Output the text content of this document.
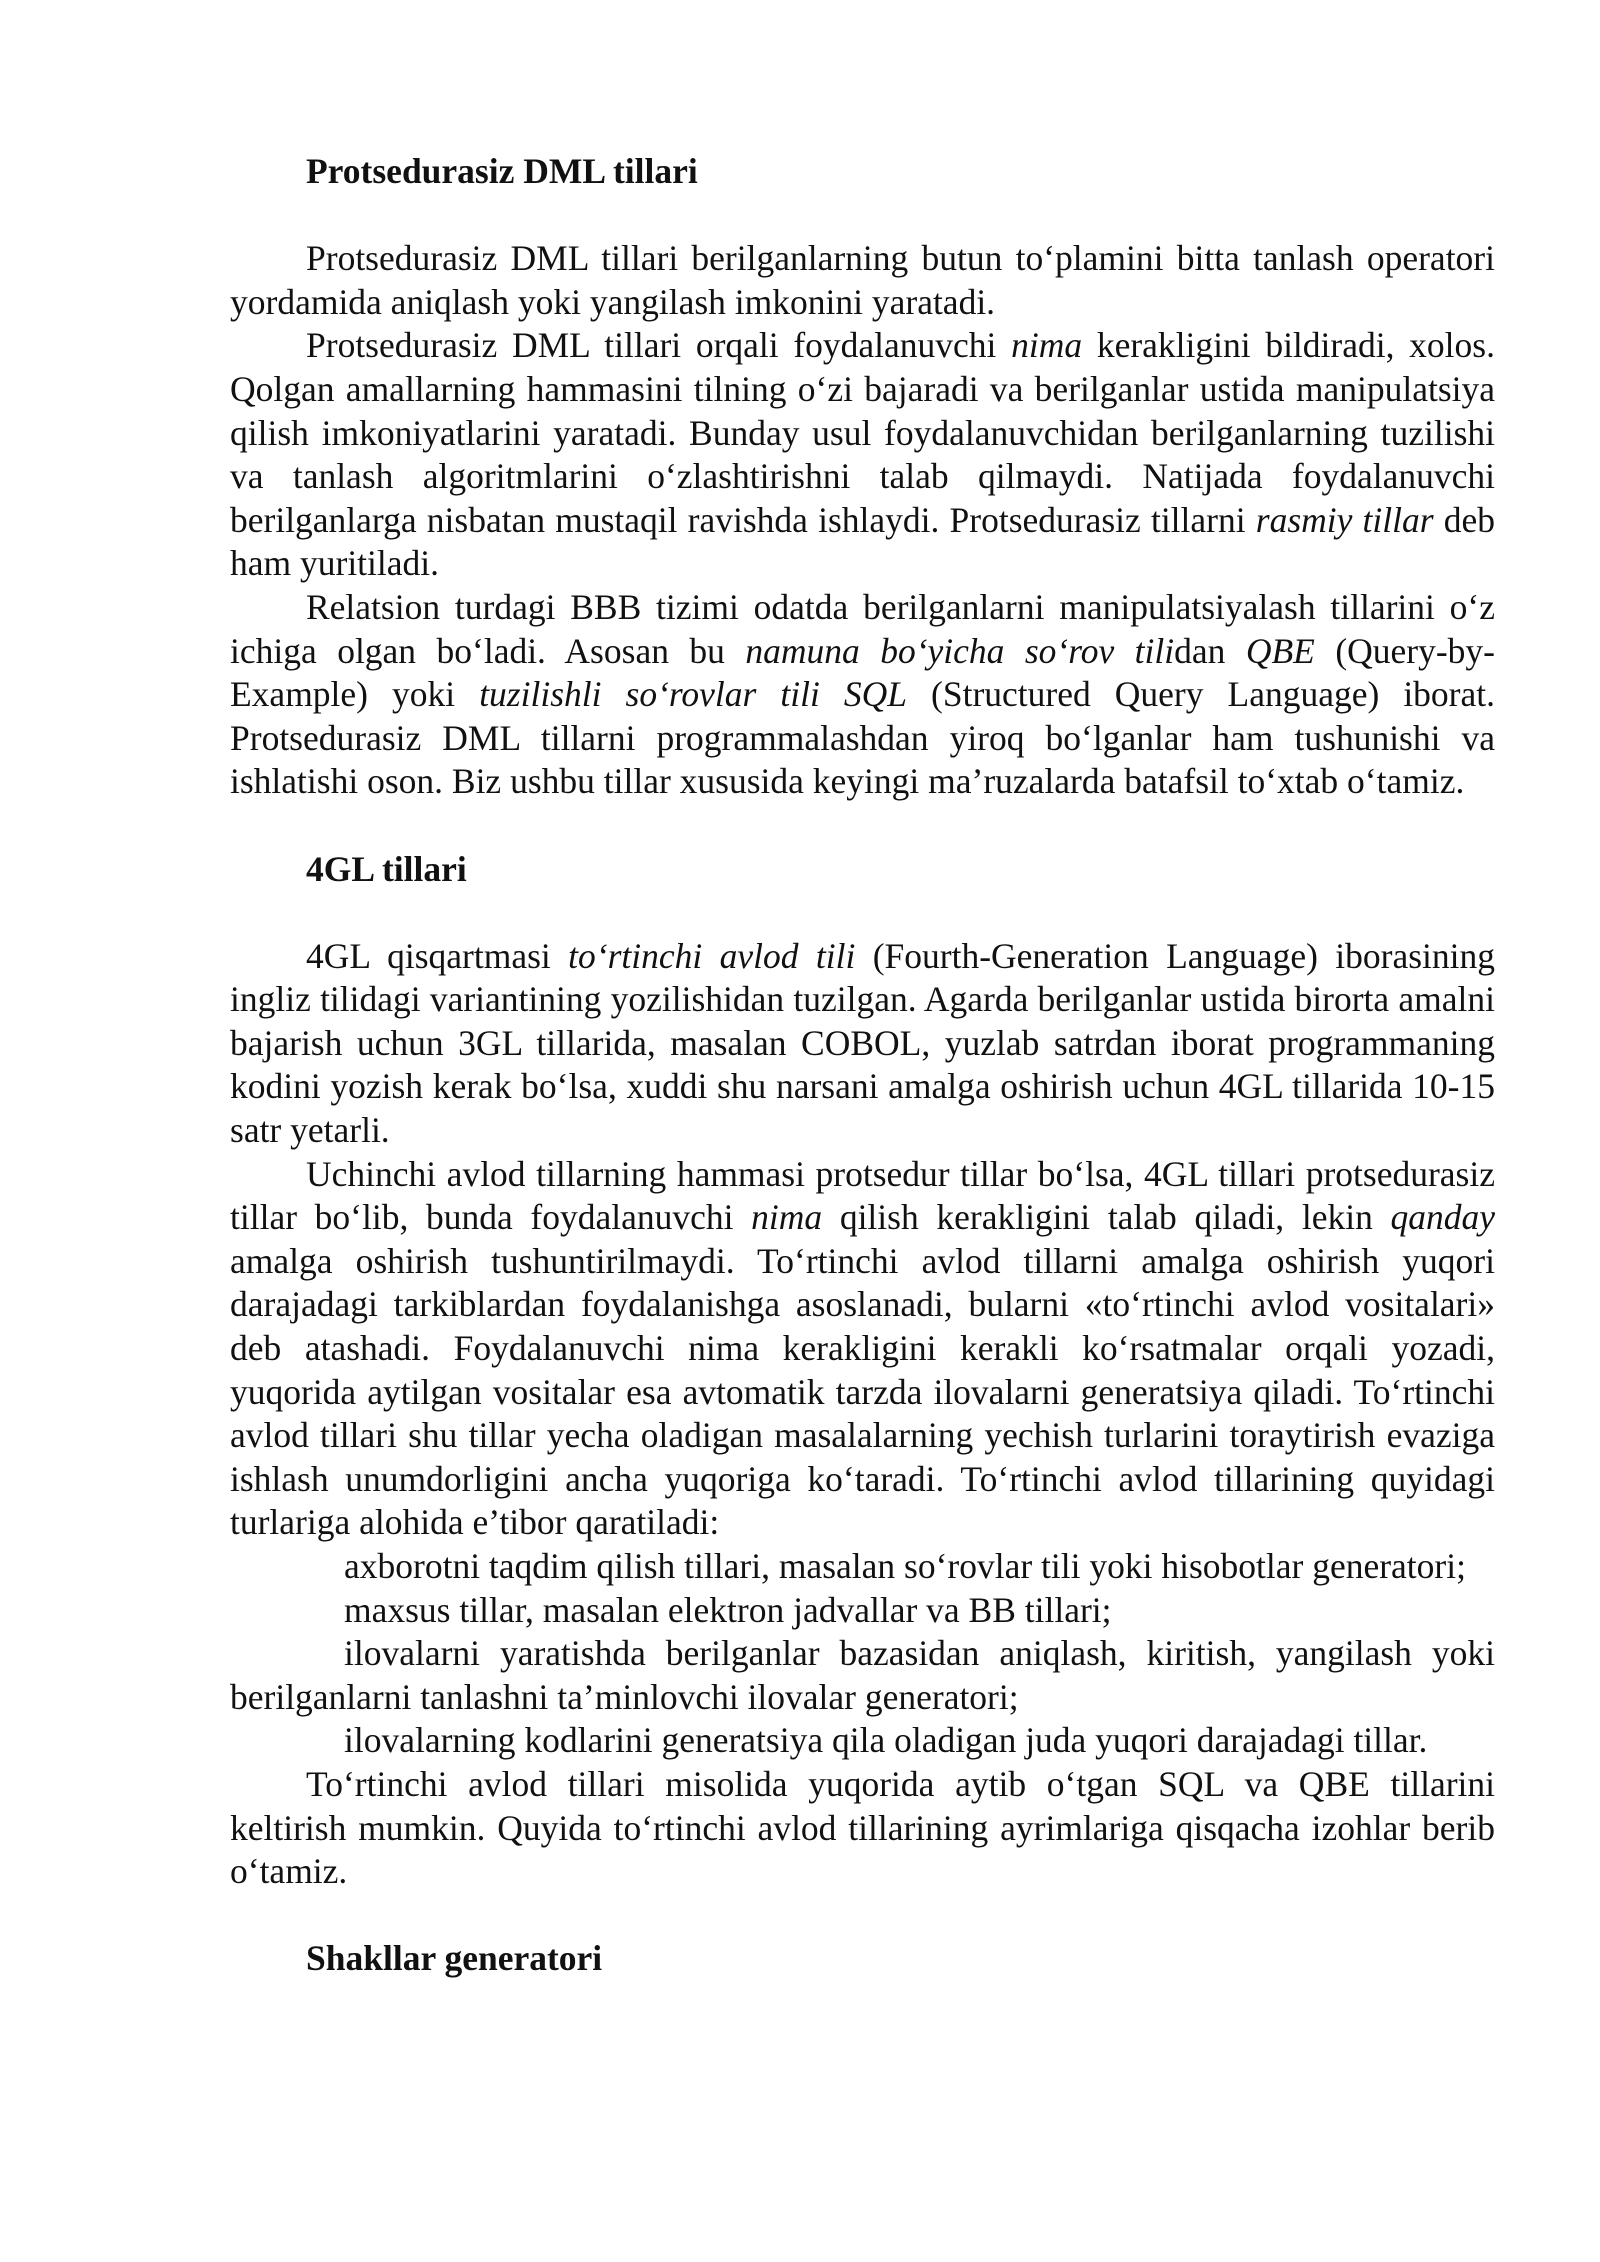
Protsedurasiz DML tillari

Protsedurasiz DML tillari berilganlarning butun to‘plamini bitta tanlash operatori yordamida aniqlash yoki yangilash imkonini yaratadi.

Protsedurasiz DML tillari orqali foydalanuvchi nima kerakligini bildiradi, xolos. Qolgan amallarning hammasini tilning o‘zi bajaradi va berilganlar ustida manipulatsiya qilish imkoniyatlarini yaratadi. Bunday usul foydalanuvchidan berilganlarning tuzilishi va tanlash algoritmlarini o‘zlashtirishni talab qilmaydi. Natijada foydalanuvchi berilganlarga nisbatan mustaqil ravishda ishlaydi. Protsedurasiz tillarni rasmiy tillar deb ham yuritiladi.

Relatsion turdagi BBB tizimi odatda berilganlarni manipulatsiyalash tillarini o‘z ichiga olgan bo‘ladi. Asosan bu namuna bo‘yicha so‘rov tilidan QBE (Query-by-Example) yoki tuzilishli so‘rovlar tili SQL (Structured Query Language) iborat. Protsedurasiz DML tillarni programmalashdan yiroq bo‘lganlar ham tushunishi va ishlatishi oson. Biz ushbu tillar xususida keyingi ma’ruzalarda batafsil to‘xtab o‘tamiz.

4GL tillari

4GL qisqartmasi to‘rtinchi avlod tili (Fourth-Generation Language) iborasining ingliz tilidagi variantining yozilishidan tuzilgan. Agarda berilganlar ustida birorta amalni bajarish uchun 3GL tillarida, masalan COBOL, yuzlab satrdan iborat programmaning kodini yozish kerak bo‘lsa, xuddi shu narsani amalga oshirish uchun 4GL tillarida 10-15 satr yetarli.

Uchinchi avlod tillarning hammasi protsedur tillar bo‘lsa, 4GL tillari protsedurasiz tillar bo‘lib, bunda foydalanuvchi nima qilish kerakligini talab qiladi, lekin qanday amalga oshirish tushuntirilmaydi. To‘rtinchi avlod tillarni amalga oshirish yuqori darajadagi tarkiblardan foydalanishga asoslanadi, bularni «to‘rtinchi avlod vositalari» deb atashadi. Foydalanuvchi nima kerakligini kerakli ko‘rsatmalar orqali yozadi, yuqorida aytilgan vositalar esa avtomatik tarzda ilovalarni generatsiya qiladi. To‘rtinchi avlod tillari shu tillar yecha oladigan masalalarning yechish turlarini toraytirish evaziga ishlash unumdorligini ancha yuqoriga ko‘taradi. To‘rtinchi avlod tillarining quyidagi turlariga alohida e’tibor qaratiladi:

axborotni taqdim qilish tillari, masalan so‘rovlar tili yoki hisobotlar generatori;

maxsus tillar, masalan elektron jadvallar va BB tillari;

ilovalarni yaratishda berilganlar bazasidan aniqlash, kiritish, yangilash yoki berilganlarni tanlashni ta’minlovchi ilovalar generatori;

ilovalarning kodlarini generatsiya qila oladigan juda yuqori darajadagi tillar.

To‘rtinchi avlod tillari misolida yuqorida aytib o‘tgan SQL va QBE tillarini keltirish mumkin. Quyida to‘rtinchi avlod tillarining ayrimlariga qisqacha izohlar berib o‘tamiz.

Shakllar generatori
